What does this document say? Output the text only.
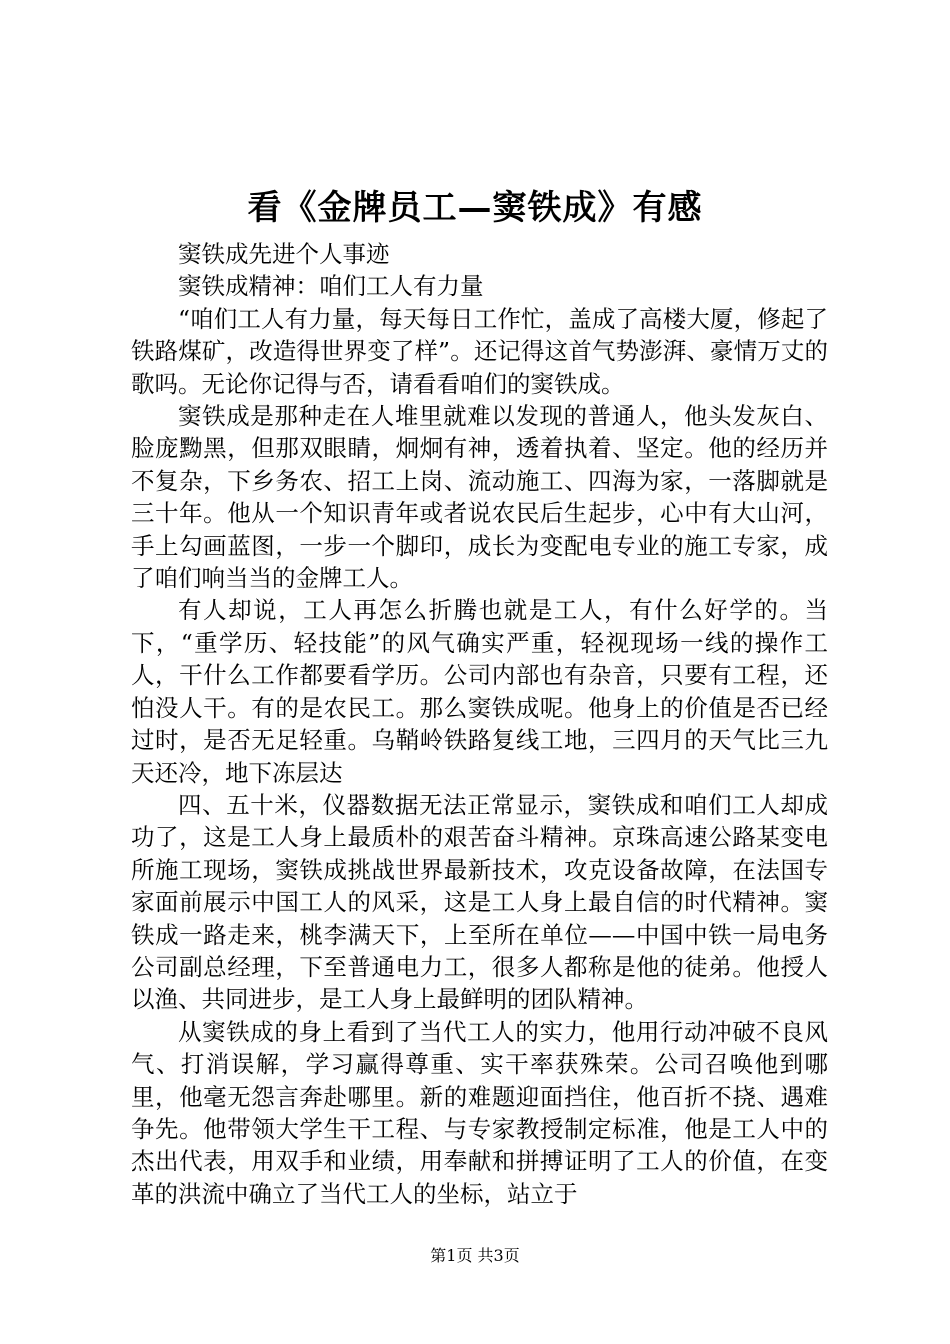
看《金牌员工—窦铁成》有感

窦铁成先进个人事迹

窦铁成精神：咱们工人有力量

“咱们工人有力量，每天每日工作忙，盖成了高楼大厦，修起了铁路煤矿，改造得世界变了样”。还记得这首气势澎湃、豪情万丈的歌吗。无论你记得与否，请看看咱们的窦铁成。

窦铁成是那种走在人堆里就难以发现的普通人，他头发灰白、脸庞黝黑，但那双眼睛，炯炯有神，透着执着、坚定。他的经历并不复杂，下乡务农、招工上岗、流动施工、四海为家，一落脚就是三十年。他从一个知识青年或者说农民后生起步，心中有大山河，手上勾画蓝图，一步一个脚印，成长为变配电专业的施工专家，成了咱们响当当的金牌工人。

有人却说，工人再怎么折腾也就是工人，有什么好学的。当下，“重学历、轻技能”的风气确实严重，轻视现场一线的操作工人，干什么工作都要看学历。公司内部也有杂音，只要有工程，还怕没人干。有的是农民工。那么窦铁成呢。他身上的价值是否已经过时，是否无足轻重。乌鞘岭铁路复线工地，三四月的天气比三九天还冷，地下冻层达

四、五十米，仪器数据无法正常显示，窦铁成和咱们工人却成功了，这是工人身上最质朴的艰苦奋斗精神。京珠高速公路某变电所施工现场，窦铁成挑战世界最新技术，攻克设备故障，在法国专家面前展示中国工人的风采，这是工人身上最自信的时代精神。窦铁成一路走来，桃李满天下，上至所在单位——中国中铁一局电务公司副总经理，下至普通电力工，很多人都称是他的徒弟。他授人以渔、共同进步，是工人身上最鲜明的团队精神。

从窦铁成的身上看到了当代工人的实力，他用行动冲破不良风气、打消误解，学习赢得尊重、实干率获殊荣。公司召唤他到哪里，他毫无怨言奔赴哪里。新的难题迎面挡住，他百折不挠、遇难争先。他带领大学生干工程、与专家教授制定标准，他是工人中的杰出代表，用双手和业绩，用奉献和拼搏证明了工人的价值，在变革的洪流中确立了当代工人的坐标，站立于

第1页 共3页
